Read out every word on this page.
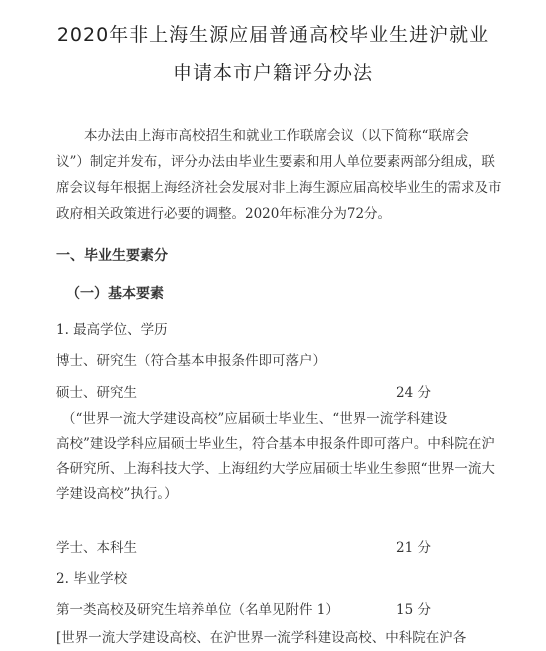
2020年非上海生源应届普通高校毕业生进沪就业
申请本市户籍评分办法
本办法由上海市高校招生和就业工作联席会议（以下简称“联席会
议”）制定并发布，评分办法由毕业生要素和用人单位要素两部分组成，联席会议每年根据上海经济社会发展对非上海生源应届高校毕业生的需求及市政府相关政策进行必要的调整。2020年标准分为72分。
一、毕业生要素分
（一）基本要素
1. 最高学位、学历
博士、研究生（符合基本申报条件即可落户）
硕士、研究生	24 分
（“世界一流大学建设高校”应届硕士毕业生、“世界一流学科建设
高校”建设学科应届硕士毕业生，符合基本申报条件即可落户。中科院在沪各研究所、上海科技大学、上海纽约大学应届硕士毕业生参照“世界一流大学建设高校”执行。）
学士、本科生	21 分
2. 毕业学校
第一类高校及研究生培养单位（名单见附件 1）	15 分
[世界一流大学建设高校、在沪世界一流学科建设高校、中科院在沪各
